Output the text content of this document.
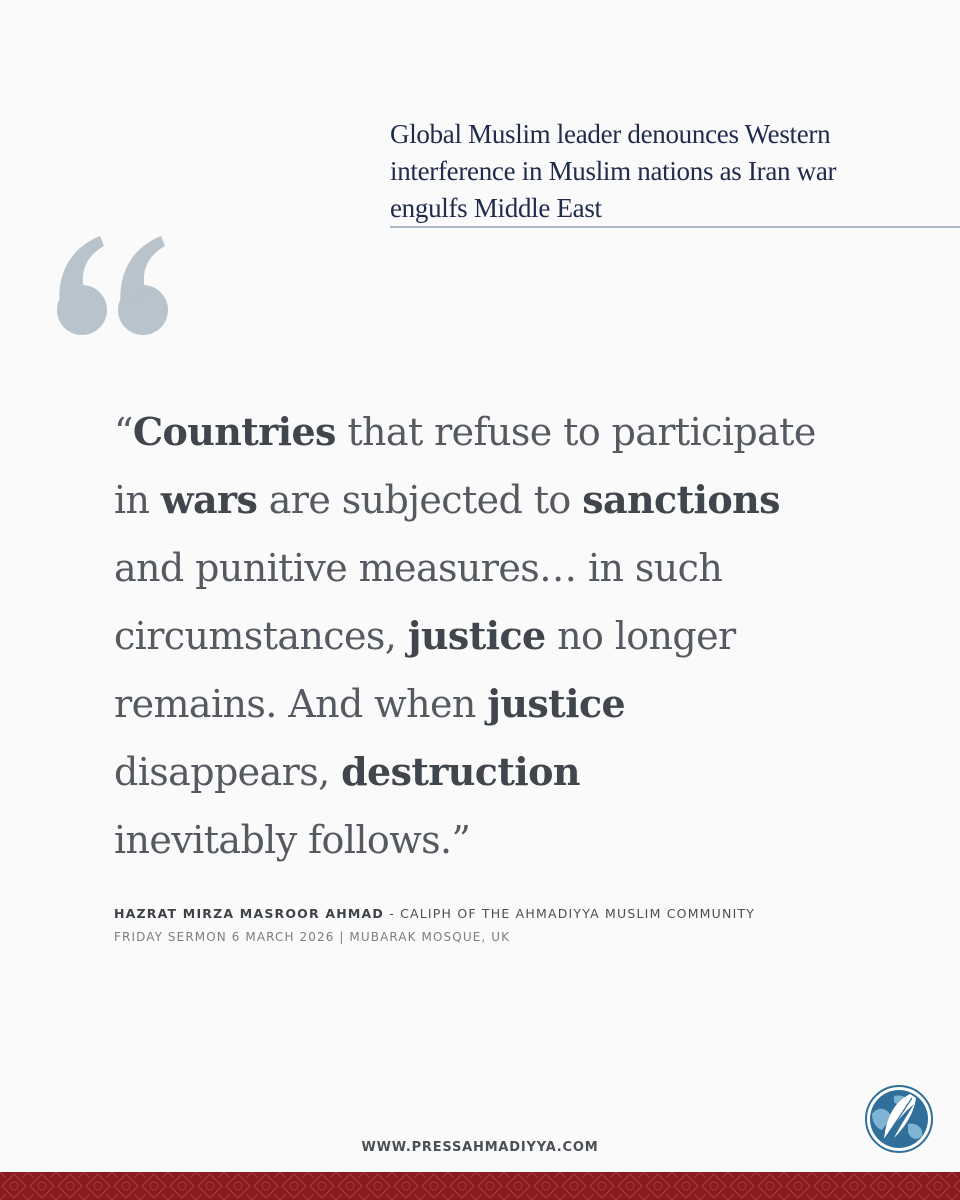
Global Muslim leader denounces Western
interference in Muslim nations as Iran war
engulfs Middle East
“Countries that refuse to participate
in wars are subjected to sanctions
and punitive measures… in such
circumstances, justice no longer
remains. And when justice
disappears, destruction
inevitably follows.”
HAZRAT MIRZA MASROOR AHMAD - CALIPH OF THE AHMADIYYA MUSLIM COMMUNITY
FRIDAY SERMON 6 MARCH 2026 | MUBARAK MOSQUE, UK
WWW.PRESSAHMADIYYA.COM
